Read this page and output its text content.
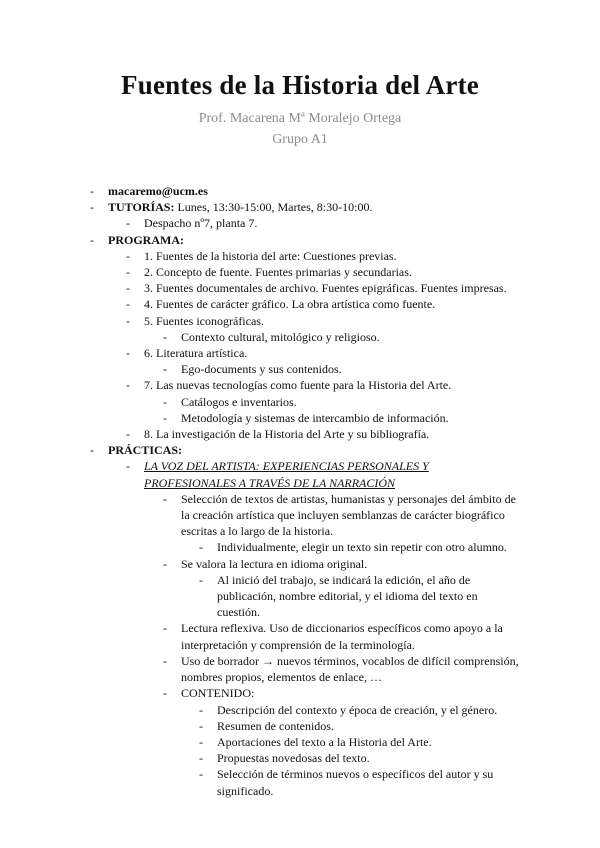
Fuentes de la Historia del Arte
Prof. Macarena Mª Moralejo Ortega
Grupo A1
- macaremo@ucm.es
- TUTORÍAS: Lunes, 13:30-15:00, Martes, 8:30-10:00.
- Despacho nº7, planta 7.
- PROGRAMA:
- 1. Fuentes de la historia del arte: Cuestiones previas.
- 2. Concepto de fuente. Fuentes primarias y secundarias.
- 3. Fuentes documentales de archivo. Fuentes epigráficas. Fuentes impresas.
- 4. Fuentes de carácter gráfico. La obra artística como fuente.
- 5. Fuentes iconográficas.
- Contexto cultural, mitológico y religioso.
- 6. Literatura artística.
- Ego-documents y sus contenidos.
- 7. Las nuevas tecnologías como fuente para la Historia del Arte.
- Catálogos e inventarios.
- Metodología y sistemas de intercambio de información.
- 8. La investigación de la Historia del Arte y su bibliografía.
- PRÁCTICAS:
- LA VOZ DEL ARTISTA: EXPERIENCIAS PERSONALES Y PROFESIONALES A TRAVÉS DE LA NARRACIÓN
- Selección de textos de artistas, humanistas y personajes del ámbito de la creación artística que incluyen semblanzas de carácter biográfico escritas a lo largo de la historia.
- Individualmente, elegir un texto sin repetir con otro alumno.
- Se valora la lectura en idioma original.
- Al inició del trabajo, se indicará la edición, el año de publicación, nombre editorial, y el idioma del texto en cuestión.
- Lectura reflexiva. Uso de diccionarios específicos como apoyo a la interpretación y comprensión de la terminología.
- Uso de borrador → nuevos términos, vocablos de difícil comprensión, nombres propios, elementos de enlace, …
- CONTENIDO:
- Descripción del contexto y época de creación, y el género.
- Resumen de contenidos.
- Aportaciones del texto a la Historia del Arte.
- Propuestas novedosas del texto.
- Selección de términos nuevos o específicos del autor y su significado.
